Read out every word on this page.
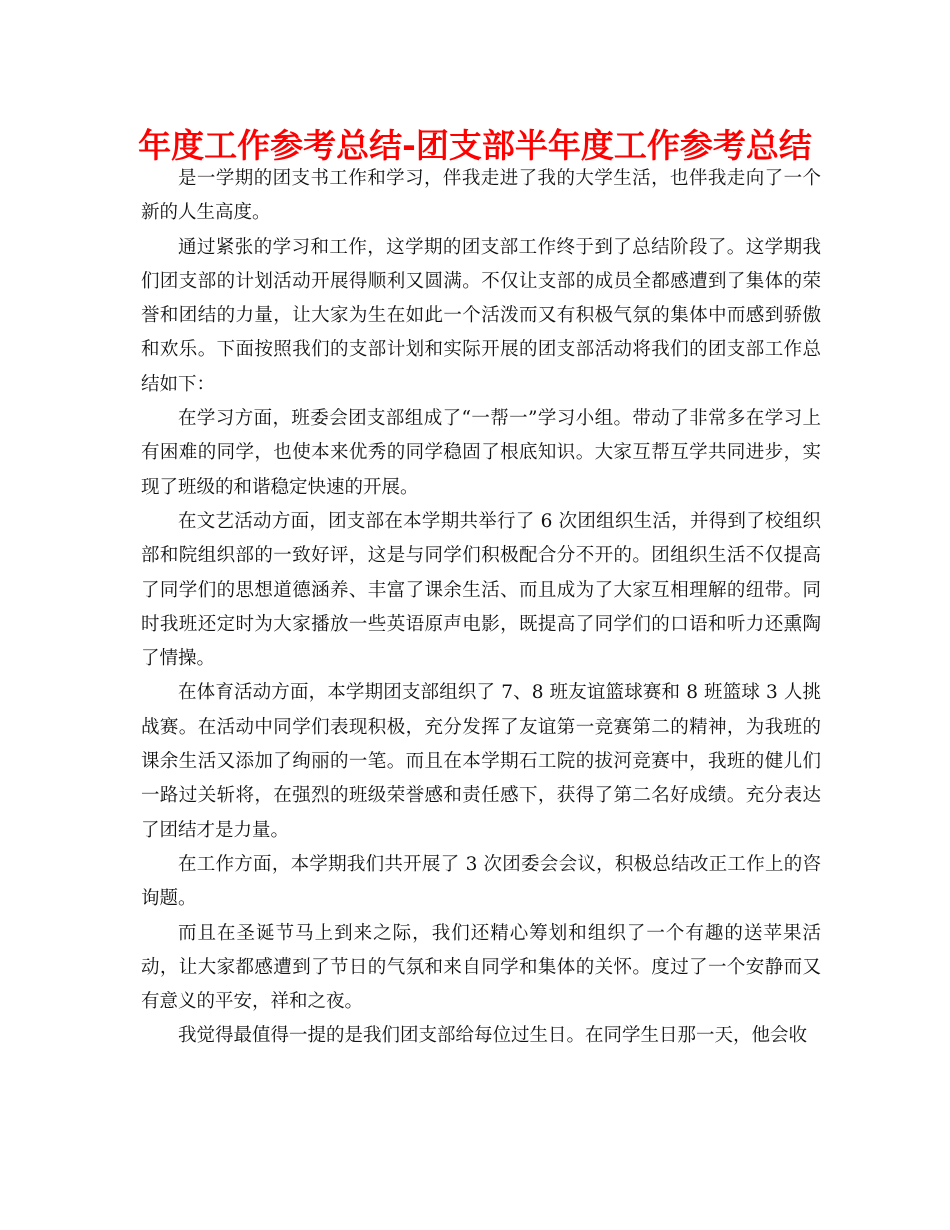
年度工作参考总结-团支部半年度工作参考总结

是一学期的团支书工作和学习，伴我走进了我的大学生活，也伴我走向了一个新的人生高度。

通过紧张的学习和工作，这学期的团支部工作终于到了总结阶段了。这学期我们团支部的计划活动开展得顺利又圆满。不仅让支部的成员全都感遭到了集体的荣誉和团结的力量，让大家为生在如此一个活泼而又有积极气氛的集体中而感到骄傲和欢乐。下面按照我们的支部计划和实际开展的团支部活动将我们的团支部工作总结如下：

在学习方面，班委会团支部组成了“一帮一”学习小组。带动了非常多在学习上有困难的同学，也使本来优秀的同学稳固了根底知识。大家互帮互学共同进步，实现了班级的和谐稳定快速的开展。

在文艺活动方面，团支部在本学期共举行了 6 次团组织生活，并得到了校组织部和院组织部的一致好评，这是与同学们积极配合分不开的。团组织生活不仅提高了同学们的思想道德涵养、丰富了课余生活、而且成为了大家互相理解的纽带。同时我班还定时为大家播放一些英语原声电影，既提高了同学们的口语和听力还熏陶了情操。

在体育活动方面，本学期团支部组织了 7、8 班友谊篮球赛和 8 班篮球 3 人挑战赛。在活动中同学们表现积极，充分发挥了友谊第一竞赛第二的精神，为我班的课余生活又添加了绚丽的一笔。而且在本学期石工院的拔河竞赛中，我班的健儿们一路过关斩将，在强烈的班级荣誉感和责任感下，获得了第二名好成绩。充分表达了团结才是力量。

在工作方面，本学期我们共开展了 3 次团委会会议，积极总结改正工作上的咨询题。

而且在圣诞节马上到来之际，我们还精心筹划和组织了一个有趣的送苹果活动，让大家都感遭到了节日的气氛和来自同学和集体的关怀。度过了一个安静而又有意义的平安，祥和之夜。

我觉得最值得一提的是我们团支部给每位过生日。在同学生日那一天，他会收
